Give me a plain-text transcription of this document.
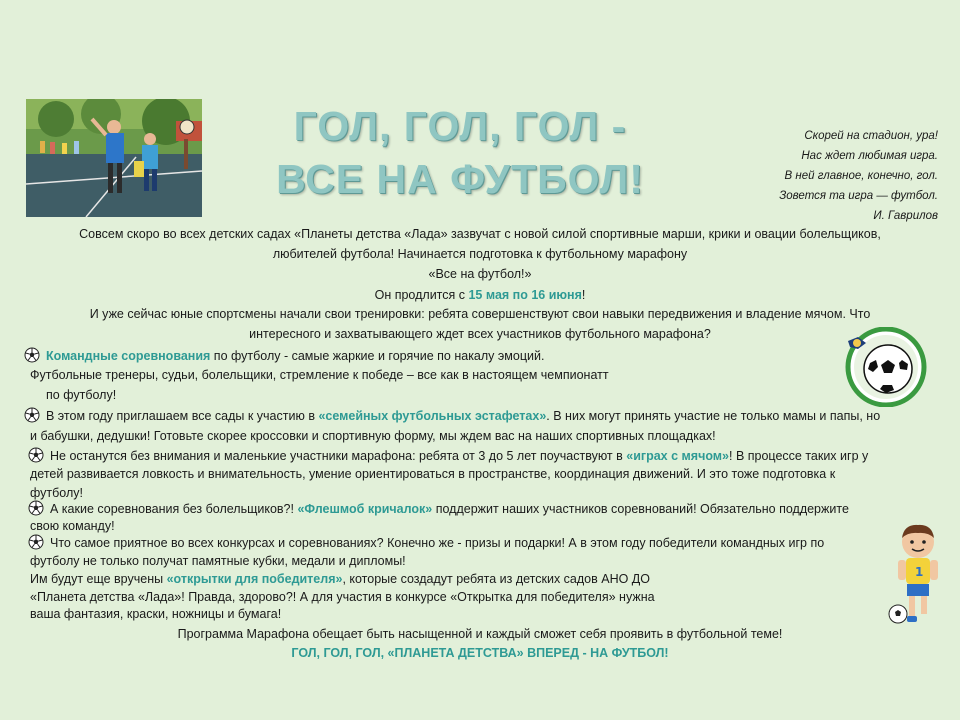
ГОЛ, ГОЛ, ГОЛ -
ВСЕ НА ФУТБОЛ!
Скорей на стадион, ура!
Нас ждет любимая игра.
В ней главное, конечно, гол.
Зовется та игра — футбол.
И. Гаврилов
Совсем скоро во всех детских садах «Планеты детства «Лада» зазвучат с новой силой спортивные марши, крики и овации болельщиков,
любителей футбола! Начинается подготовка к футбольному марафону
«Все на футбол!»
Он продлится с 15 мая по 16 июня!
И уже сейчас юные спортсмены начали свои тренировки: ребята совершенствуют свои навыки передвижения и владение мячом. Что
интересного и захватывающего ждет всех участников футбольного марафона?
Командные соревнования по футболу - самые жаркие и горячие по накалу эмоций.
Футбольные тренеры, судьи, болельщики, стремление к победе – все как в настоящем чемпионатт
по футболу!
В этом году приглашаем все сады к участию в «семейных футбольных эстафетах». В них могут принять участие не только мамы и папы, но
и бабушки, дедушки! Готовьте скорее кроссовки и спортивную форму, мы ждем вас на наших спортивных площадках!
Не останутся без внимания и маленькие участники марафона: ребята от 3 до 5 лет поучаствуют в «играх с мячом»! В процессе таких игр у
детей развивается ловкость и внимательность, умение ориентироваться в пространстве, координация движений. И это тоже подготовка к
футболу!
А какие соревнования без болельщиков?! «Флешмоб кричалок» поддержит наших участников соревнований! Обязательно поддержите
свою команду!
Что самое приятное во всех конкурсах и соревнованиях? Конечно же - призы и подарки! А в этом году победители командных игр по
футболу не только получат памятные кубки, медали и дипломы!
Им будут еще вручены «открытки для победителя», которые создадут ребята из детских садов АНО ДО
«Планета детства «Лада»! Правда, здорово?! А для участия в конкурсе «Открытка для победителя» нужна
ваша фантазия, краски, ножницы и бумага!
1
Программа Марафона обещает быть насыщенной и каждый сможет себя проявить в футбольной теме!
ГОЛ, ГОЛ, ГОЛ, «ПЛАНЕТА ДЕТСТВА» ВПЕРЕД - НА ФУТБОЛ!
